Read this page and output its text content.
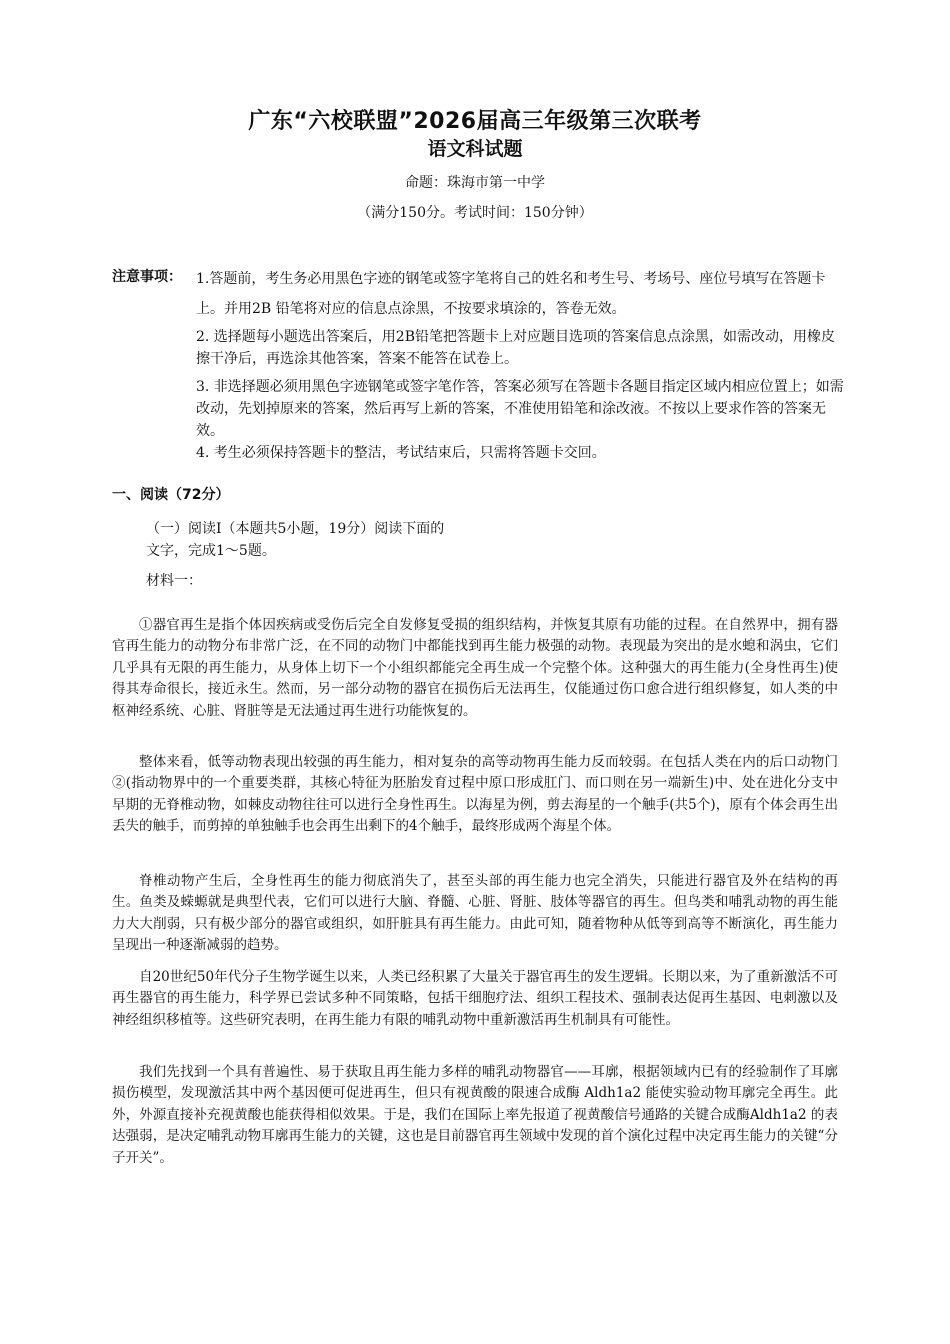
广东“六校联盟”2026届高三年级第三次联考
语文科试题
命题：珠海市第一中学
（满分150分。考试时间：150分钟）
注意事项： 1.答题前，考生务必用黑色字迹的钢笔或签字笔将自己的姓名和考生号、考场号、座位号填写在答题卡上。并用2B 铅笔将对应的信息点涂黑，不按要求填涂的，答卷无效。
2. 选择题每小题选出答案后，用2B铅笔把答题卡上对应题目选项的答案信息点涂黑，如需改动，用橡皮擦干净后，再选涂其他答案，答案不能答在试卷上。
3. 非选择题必须用黑色字迹钢笔或签字笔作答，答案必须写在答题卡各题目指定区域内相应位置上；如需改动，先划掉原来的答案，然后再写上新的答案，不准使用铅笔和涂改液。不按以上要求作答的答案无效。
4. 考生必须保持答题卡的整洁，考试结束后，只需将答题卡交回。
一、阅读（72分）
（一）阅读Ⅰ（本题共5小题，19分）阅读下面的文字，完成1～5题。
材料一：

①器官再生是指个体因疾病或受伤后完全自发修复受损的组织结构，并恢复其原有功能的过程。在自然界中，拥有器官再生能力的动物分布非常广泛，在不同的动物门中都能找到再生能力极强的动物。表现最为突出的是水螅和涡虫，它们几乎具有无限的再生能力，从身体上切下一个小组织都能完全再生成一个完整个体。这种强大的再生能力(全身性再生)使得其寿命很长，接近永生。然而，另一部分动物的器官在损伤后无法再生，仅能通过伤口愈合进行组织修复，如人类的中枢神经系统、心脏、肾脏等是无法通过再生进行功能恢复的。

整体来看，低等动物表现出较强的再生能力，相对复杂的高等动物再生能力反而较弱。在包括人类在内的后口动物门②(指动物界中的一个重要类群，其核心特征为胚胎发育过程中原口形成肛门、而口则在另一端新生)中、处在进化分支中早期的无脊椎动物，如棘皮动物往往可以进行全身性再生。以海星为例，剪去海星的一个触手(共5个)，原有个体会再生出丢失的触手，而剪掉的单独触手也会再生出剩下的4个触手，最终形成两个海星个体。

脊椎动物产生后，全身性再生的能力彻底消失了，甚至头部的再生能力也完全消失，只能进行器官及外在结构的再生。鱼类及蝾螈就是典型代表，它们可以进行大脑、脊髓、心脏、肾脏、肢体等器官的再生。但鸟类和哺乳动物的再生能力大大削弱，只有极少部分的器官或组织，如肝脏具有再生能力。由此可知，随着物种从低等到高等不断演化，再生能力呈现出一种逐渐减弱的趋势。

自20世纪50年代分子生物学诞生以来，人类已经积累了大量关于器官再生的发生逻辑。长期以来，为了重新激活不可再生器官的再生能力，科学界已尝试多种不同策略，包括干细胞疗法、组织工程技术、强制表达促再生基因、电刺激以及神经组织移植等。这些研究表明，在再生能力有限的哺乳动物中重新激活再生机制具有可能性。

我们先找到一个具有普遍性、易于获取且再生能力多样的哺乳动物器官——耳廓，根据领域内已有的经验制作了耳廓损伤模型，发现激活其中两个基因便可促进再生，但只有视黄酸的限速合成酶 Aldh1a2 能使实验动物耳廓完全再生。此外，外源直接补充视黄酸也能获得相似效果。于是，我们在国际上率先报道了视黄酸信号通路的关键合成酶Aldh1a2 的表达强弱，是决定哺乳动物耳廓再生能力的关键，这也是目前器官再生领域中发现的首个演化过程中决定再生能力的关键“分子开关”。
